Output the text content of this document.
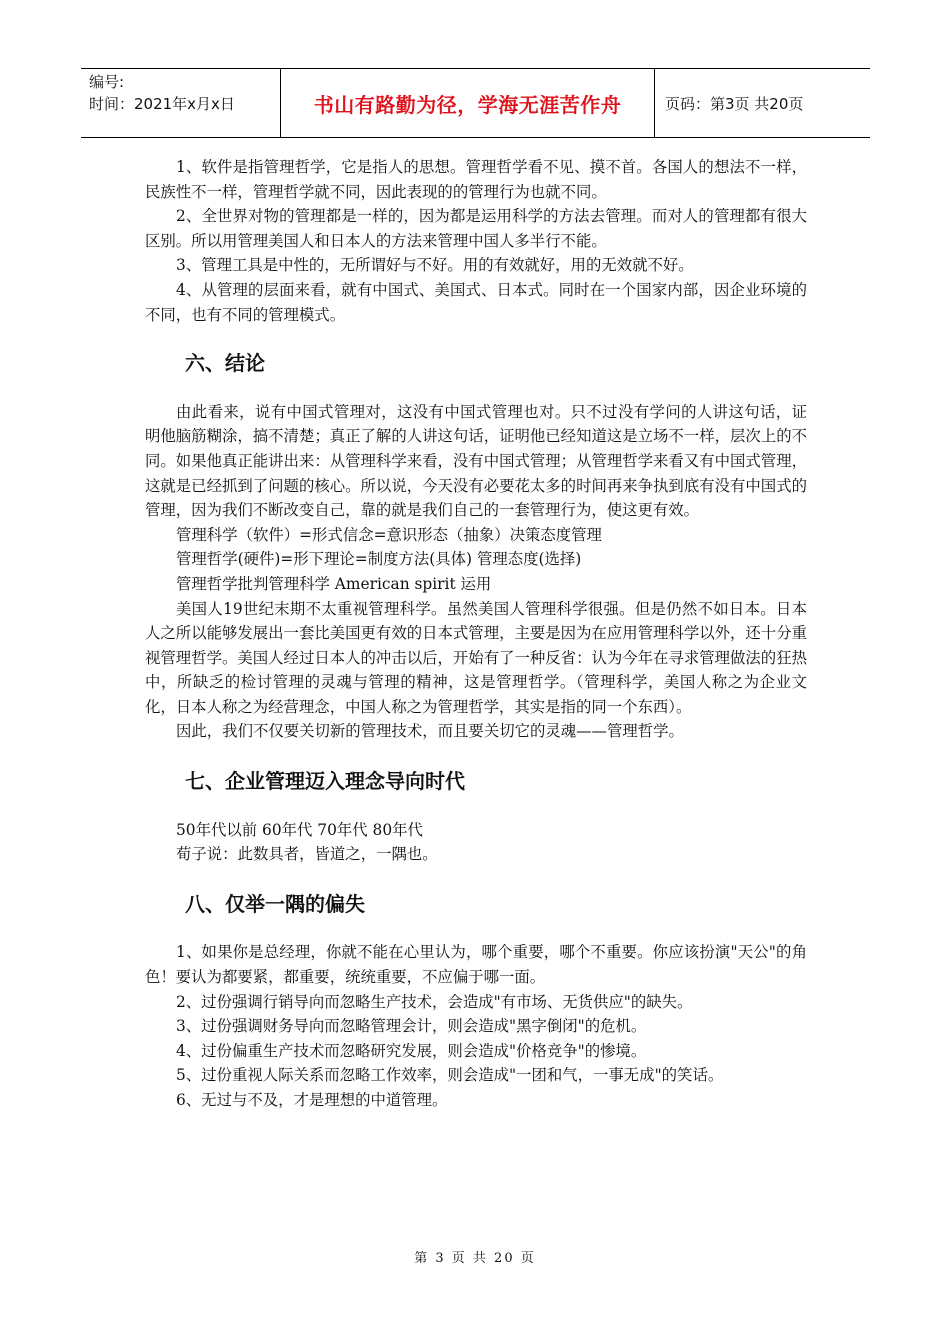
编号:
时间：2021年x月x日	书山有路勤为径，学海无涯苦作舟	页码：第3页 共20页

1、软件是指管理哲学，它是指人的思想。管理哲学看不见、摸不首。各国人的想法不一样，民族性不一样，管理哲学就不同，因此表现的的管理行为也就不同。

2、全世界对物的管理都是一样的，因为都是运用科学的方法去管理。而对人的管理都有很大区别。所以用管理美国人和日本人的方法来管理中国人多半行不能。

3、管理工具是中性的，无所谓好与不好。用的有效就好，用的无效就不好。

4、从管理的层面来看，就有中国式、美国式、日本式。同时在一个国家内部，因企业环境的不同，也有不同的管理模式。

六、结论

由此看来，说有中国式管理对，这没有中国式管理也对。只不过没有学问的人讲这句话，证明他脑筋糊涂，搞不清楚；真正了解的人讲这句话，证明他已经知道这是立场不一样，层次上的不同。如果他真正能讲出来：从管理科学来看，没有中国式管理；从管理哲学来看又有中国式管理，这就是已经抓到了问题的核心。所以说，今天没有必要花太多的时间再来争执到底有没有中国式的管理，因为我们不断改变自己，靠的就是我们自己的一套管理行为，使这更有效。

管理科学（软件）=形式信念=意识形态（抽象）决策态度管理

管理哲学(硬件)=形下理论=制度方法(具体) 管理态度(选择)

管理哲学批判管理科学 American spirit 运用

美国人19世纪末期不太重视管理科学。虽然美国人管理科学很强。但是仍然不如日本。日本人之所以能够发展出一套比美国更有效的日本式管理，主要是因为在应用管理科学以外，还十分重视管理哲学。美国人经过日本人的冲击以后，开始有了一种反省：认为今年在寻求管理做法的狂热中，所缺乏的检讨管理的灵魂与管理的精神，这是管理哲学。（管理科学，美国人称之为企业文化，日本人称之为经营理念，中国人称之为管理哲学，其实是指的同一个东西）。

因此，我们不仅要关切新的管理技术，而且要关切它的灵魂——管理哲学。

七、企业管理迈入理念导向时代

50年代以前 60年代 70年代 80年代

荀子说：此数具者，皆道之，一隅也。

八、仅举一隅的偏失

1、如果你是总经理，你就不能在心里认为，哪个重要，哪个不重要。你应该扮演"天公"的角色！要认为都要紧，都重要，统统重要，不应偏于哪一面。

2、过份强调行销导向而忽略生产技术，会造成"有市场、无货供应"的缺失。

3、过份强调财务导向而忽略管理会计，则会造成"黑字倒闭"的危机。

4、过份偏重生产技术而忽略研究发展，则会造成"价格竞争"的惨境。

5、过份重视人际关系而忽略工作效率，则会造成"一团和气，一事无成"的笑话。

6、无过与不及，才是理想的中道管理。

第 3 页 共 20 页
